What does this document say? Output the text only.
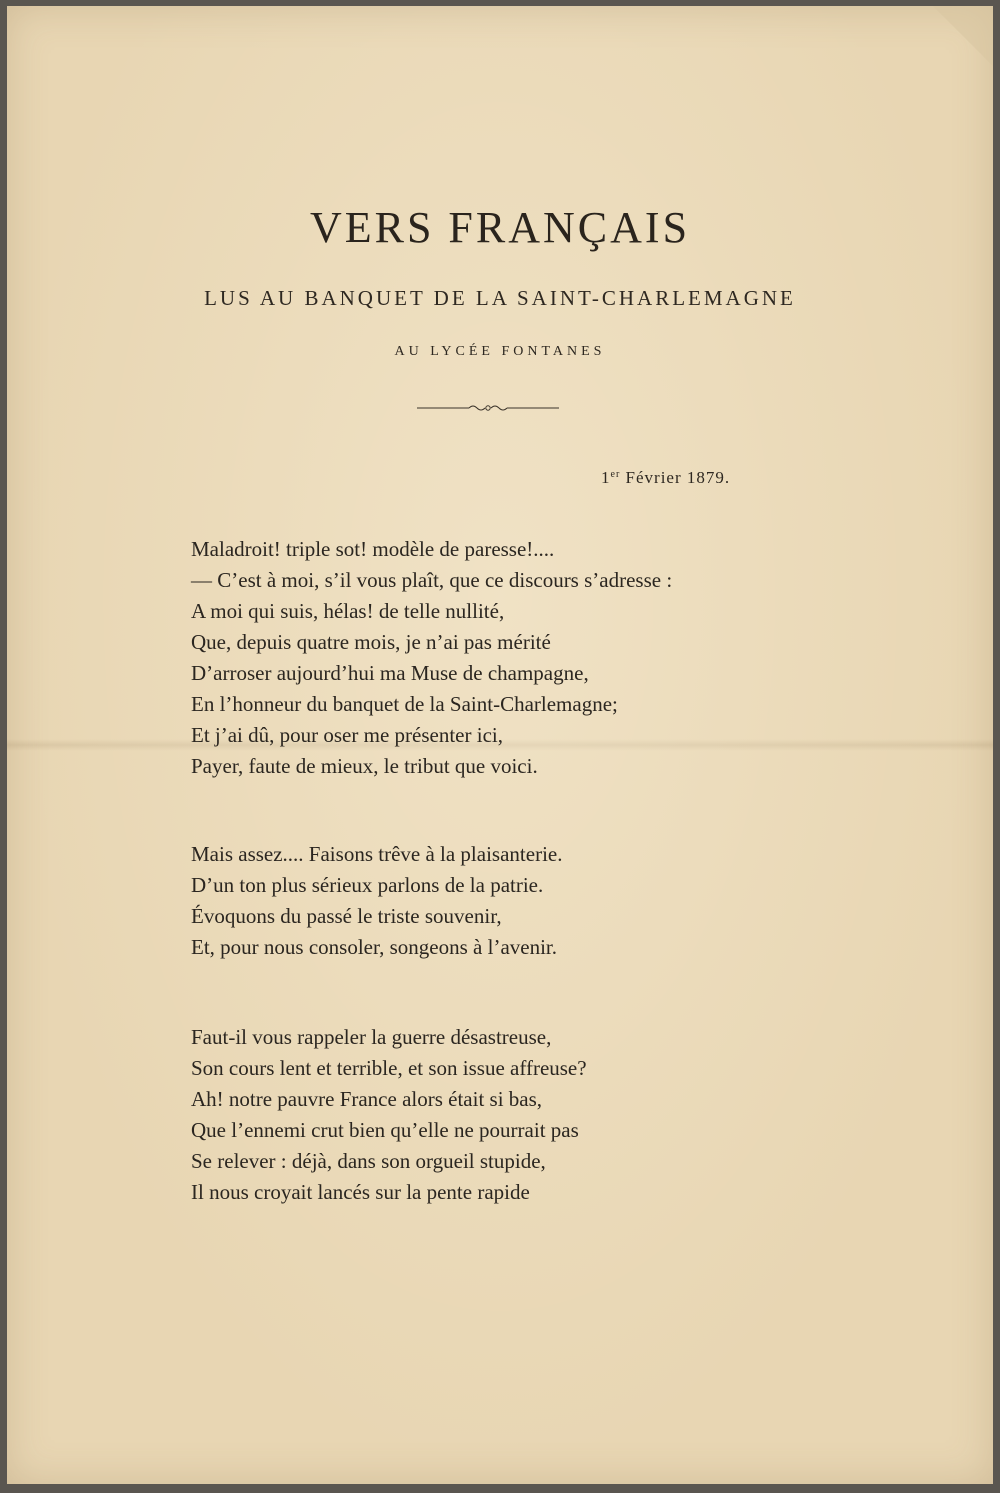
VERS FRANÇAIS
LUS AU BANQUET DE LA SAINT-CHARLEMAGNE
AU LYCÉE FONTANES
1er Février 1879.
Maladroit! triple sot! modèle de paresse!....
— C’est à moi, s’il vous plaît, que ce discours s’adresse :
A moi qui suis, hélas! de telle nullité,
Que, depuis quatre mois, je n’ai pas mérité
D’arroser aujourd’hui ma Muse de champagne,
En l’honneur du banquet de la Saint-Charlemagne;
Et j’ai dû, pour oser me présenter ici,
Payer, faute de mieux, le tribut que voici.
Mais assez.... Faisons trêve à la plaisanterie.
D’un ton plus sérieux parlons de la patrie.
Évoquons du passé le triste souvenir,
Et, pour nous consoler, songeons à l’avenir.
Faut-il vous rappeler la guerre désastreuse,
Son cours lent et terrible, et son issue affreuse?
Ah! notre pauvre France alors était si bas,
Que l’ennemi crut bien qu’elle ne pourrait pas
Se relever : déjà, dans son orgueil stupide,
Il nous croyait lancés sur la pente rapide
